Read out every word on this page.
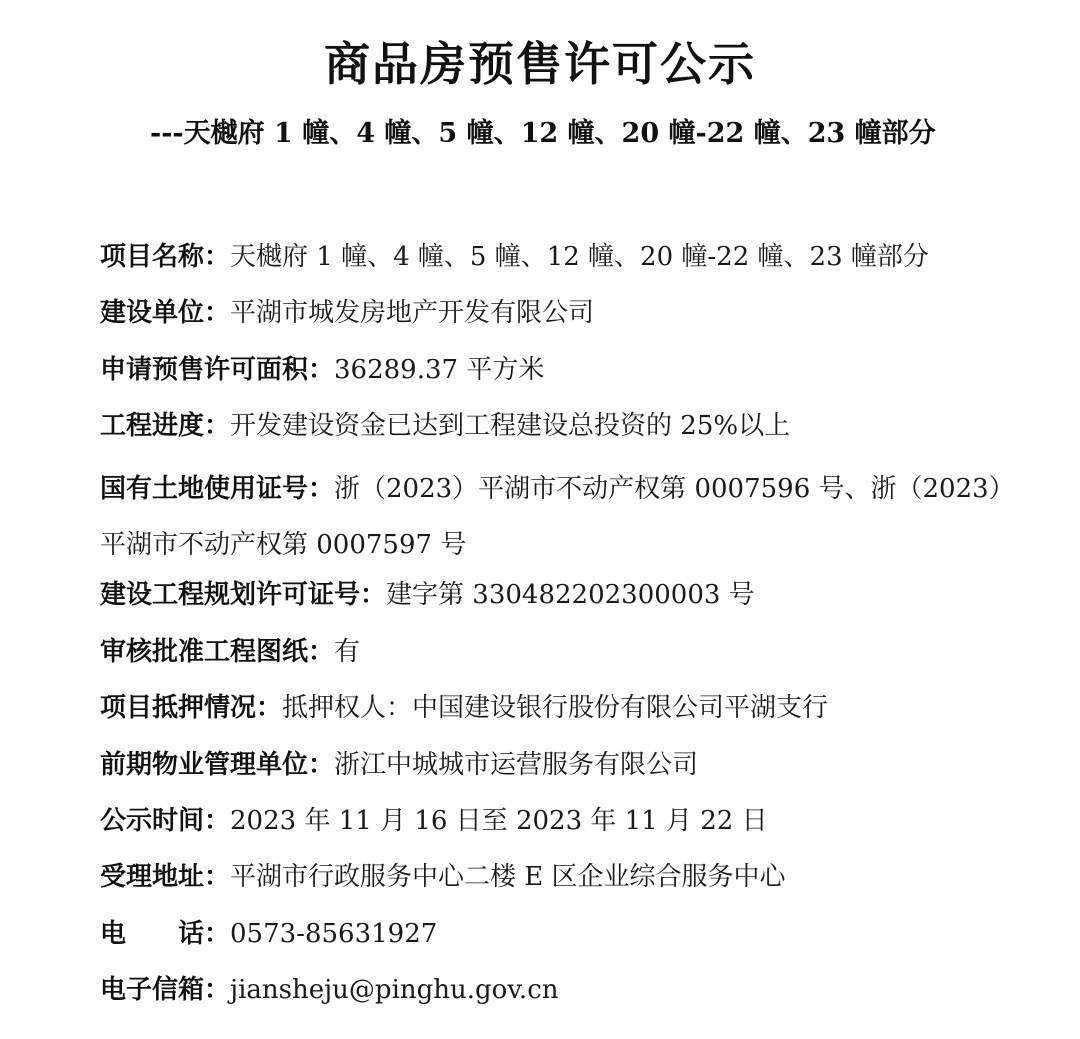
商品房预售许可公示
---天樾府 1 幢、4 幢、5 幢、12 幢、20 幢-22 幢、23 幢部分
项目名称：天樾府 1 幢、4 幢、5 幢、12 幢、20 幢-22 幢、23 幢部分
建设单位：平湖市城发房地产开发有限公司
申请预售许可面积：36289.37 平方米
工程进度：开发建设资金已达到工程建设总投资的 25%以上
国有土地使用证号：浙（2023）平湖市不动产权第 0007596 号、浙（2023）平湖市不动产权第 0007597 号
建设工程规划许可证号：建字第 330482202300003 号
审核批准工程图纸：有
项目抵押情况：抵押权人：中国建设银行股份有限公司平湖支行
前期物业管理单位：浙江中城城市运营服务有限公司
公示时间：2023 年 11 月 16 日至 2023 年 11 月 22 日
受理地址：平湖市行政服务中心二楼 E 区企业综合服务中心
电　　话：0573-85631927
电子信箱：jiansheju@pinghu.gov.cn
